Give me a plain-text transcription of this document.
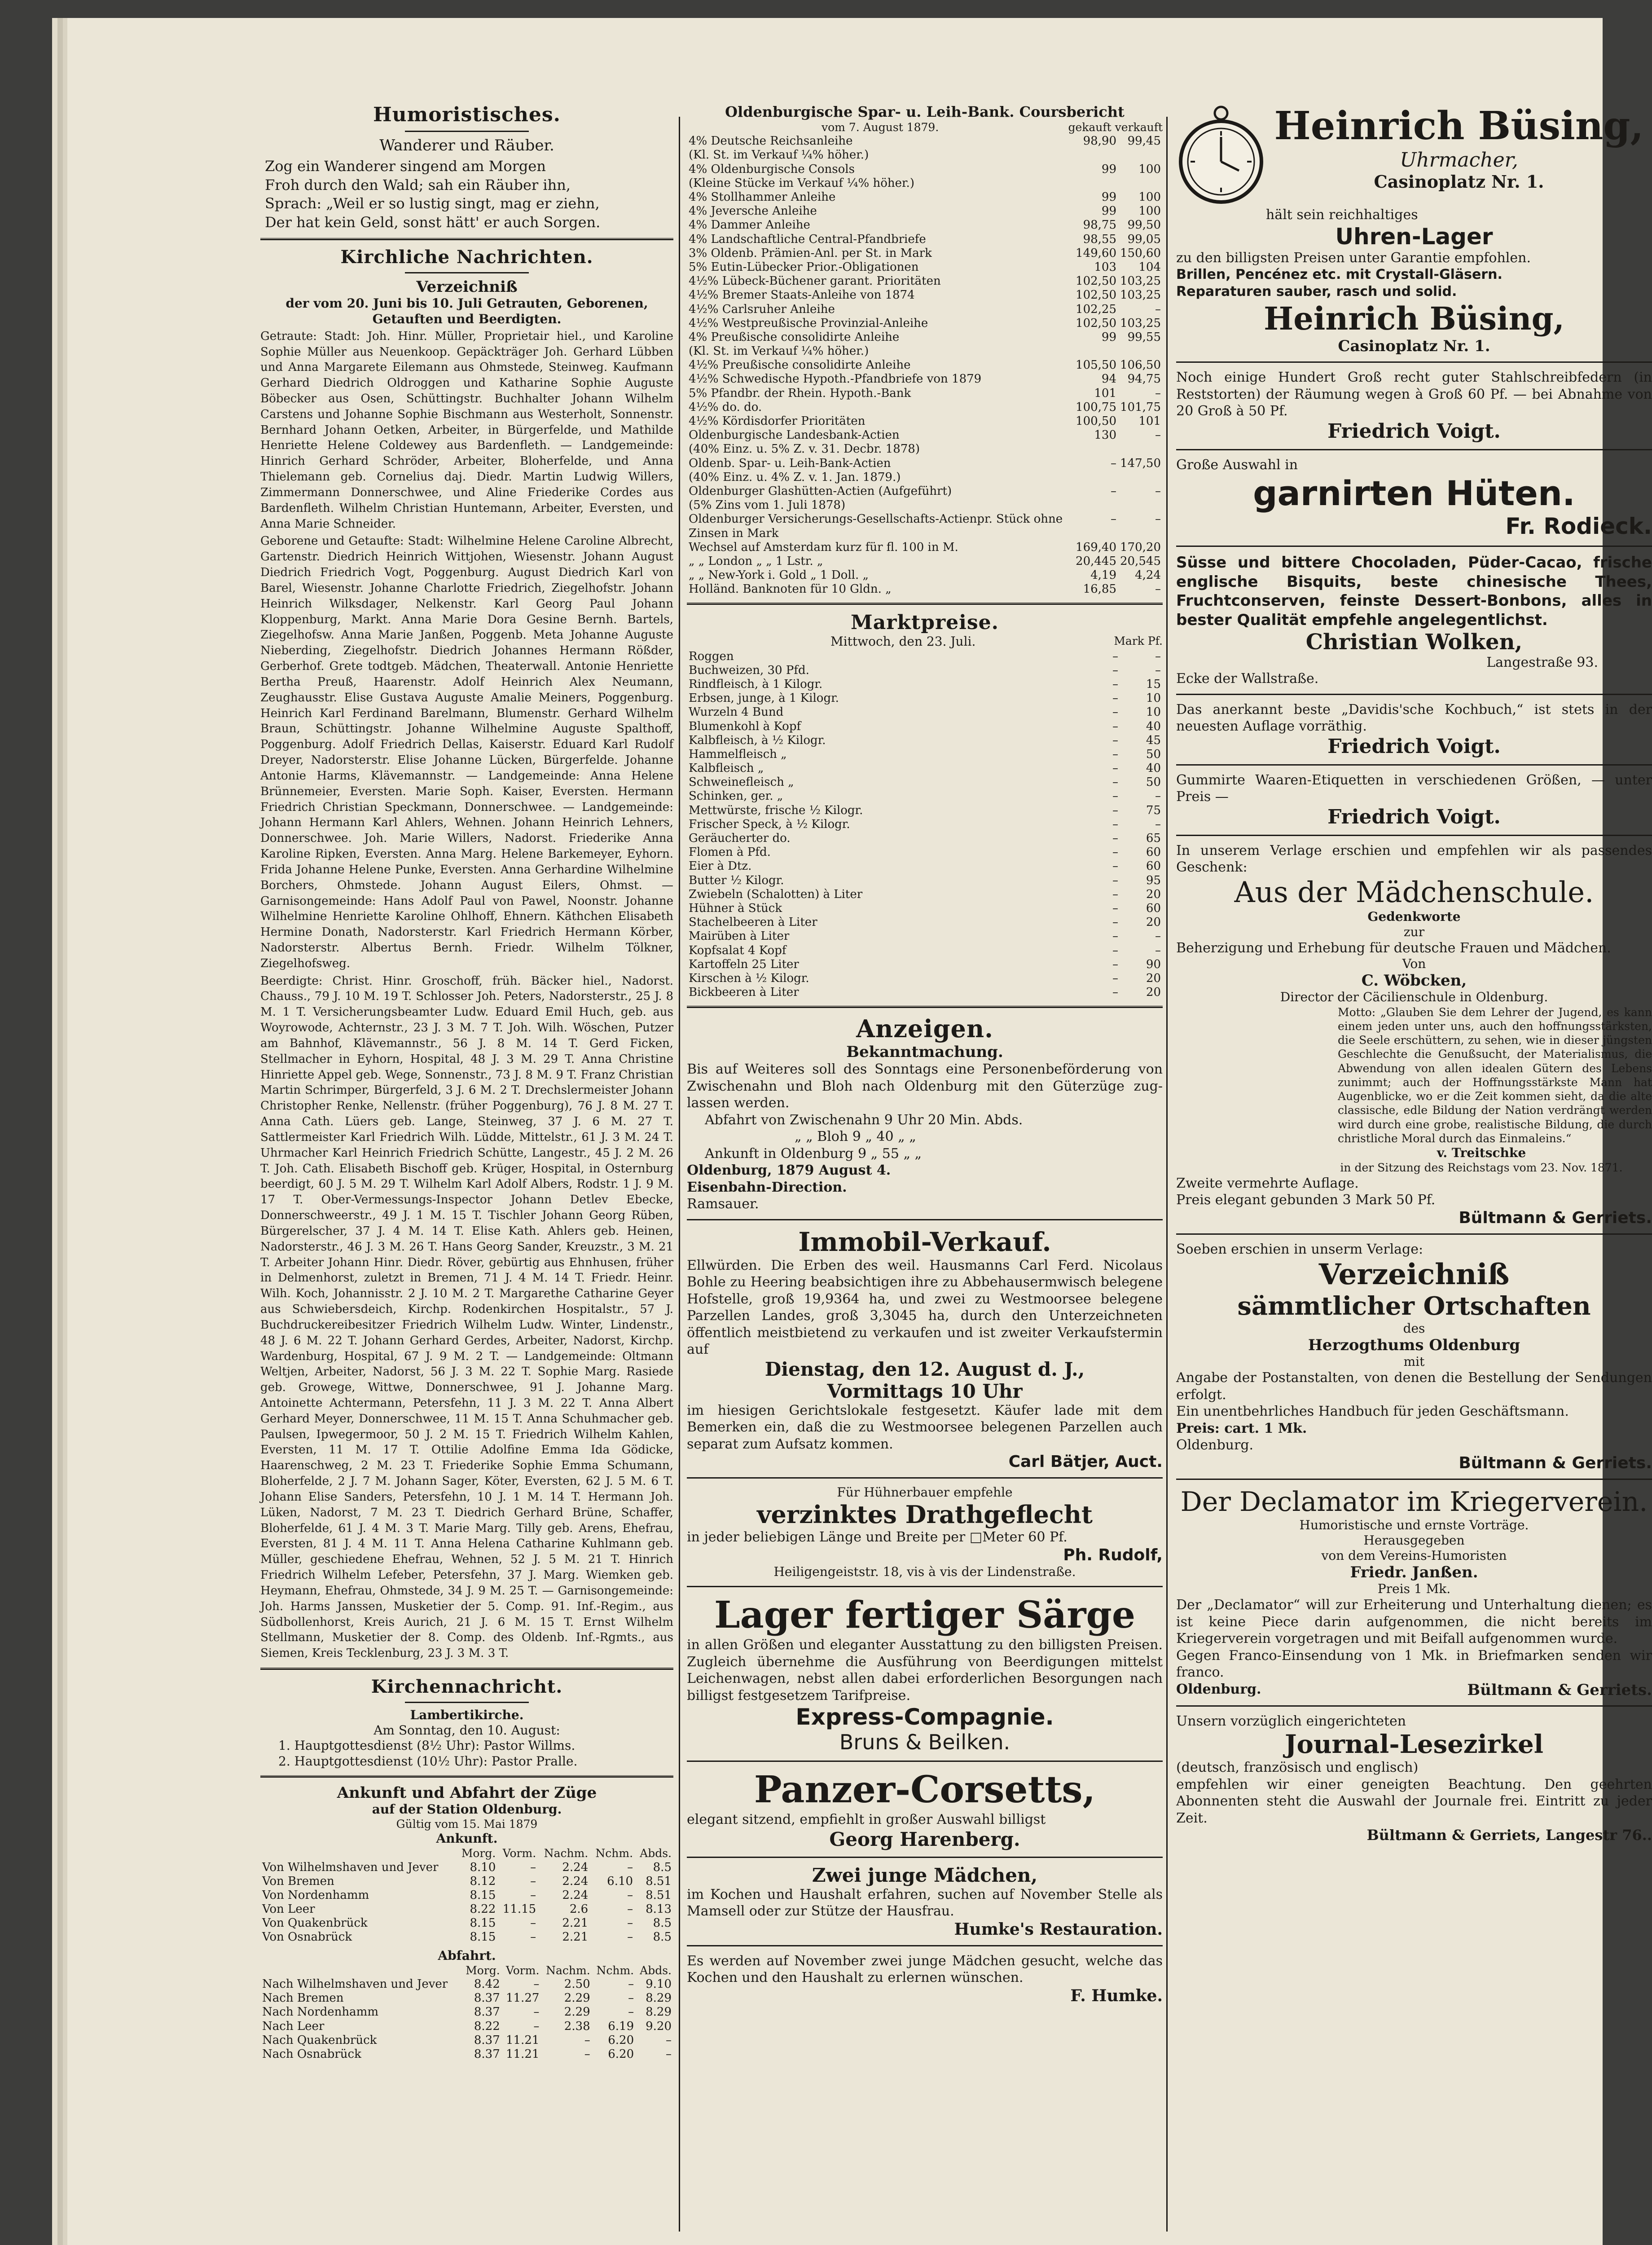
Humoristisches.
Wanderer und Räuber.
Zog ein Wanderer singend am Morgen
Froh durch den Wald; sah ein Räuber ihn,
Sprach: „Weil er so lustig singt, mag er ziehn,
Der hat kein Geld, sonst hätt' er auch Sorgen.
Kirchliche Nachrichten.
Verzeichniß
der vom 20. Juni bis 10. Juli Getrauten, Geborenen, Getauften und Beerdigten.
Getraute: Stadt: Joh. Hinr. Müller, Proprietair hiel., und Karoline Sophie Müller aus Neuenkoop. Gepäckträger Joh. Gerhard Lübben und Anna Margarete Eilemann aus Ohmstede, Steinweg. Kaufmann Gerhard Diedrich Oldroggen und Katharine Sophie Auguste Böbecker aus Osen, Schüttingstr. Buchhalter Johann Wilhelm Carstens und Johanne Sophie Bischmann aus Westerholt, Sonnenstr. Bernhard Johann Oetken, Arbeiter, in Bürgerfelde, und Mathilde Henriette Helene Coldewey aus Bardenfleth. — Landgemeinde: Hinrich Gerhard Schröder, Arbeiter, Bloherfelde, und Anna Thielemann geb. Cornelius daj. Diedr. Martin Ludwig Willers, Zimmermann Donnerschwee, und Aline Friederike Cordes aus Bardenfleth. Wilhelm Christian Huntemann, Arbeiter, Eversten, und Anna Marie Schneider.
Geborene und Getaufte: Stadt: Wilhelmine Helene Caroline Albrecht, Gartenstr. Diedrich Heinrich Wittjohen, Wiesenstr. Johann August Diedrich Friedrich Vogt, Poggenburg. August Diedrich Karl von Barel, Wiesenstr. Johanne Charlotte Friedrich, Ziegelhofstr. Johann Heinrich Wilksdager, Nelkenstr. Karl Georg Paul Johann Kloppenburg, Markt. Anna Marie Dora Gesine Bernh. Bartels, Ziegelhofsw. Anna Marie Janßen, Poggenb. Meta Johanne Auguste Nieberding, Ziegelhofstr. Diedrich Johannes Hermann Rößder, Gerberhof. Grete todtgeb. Mädchen, Theaterwall. Antonie Henriette Bertha Preuß, Haarenstr. Adolf Heinrich Alex Neumann, Zeughausstr. Elise Gustava Auguste Amalie Meiners, Poggenburg. Heinrich Karl Ferdinand Barelmann, Blumenstr. Gerhard Wilhelm Braun, Schüttingstr. Johanne Wilhelmine Auguste Spalthoff, Poggenburg. Adolf Friedrich Dellas, Kaiserstr. Eduard Karl Rudolf Dreyer, Nadorsterstr. Elise Johanne Lücken, Bürgerfelde. Johanne Antonie Harms, Klävemannstr. — Landgemeinde: Anna Helene Brünnemeier, Eversten. Marie Soph. Kaiser, Eversten. Hermann Friedrich Christian Speckmann, Donnerschwee. — Landgemeinde: Johann Hermann Karl Ahlers, Wehnen. Johann Heinrich Lehners, Donnerschwee. Joh. Marie Willers, Nadorst. Friederike Anna Karoline Ripken, Eversten. Anna Marg. Helene Barkemeyer, Eyhorn. Frida Johanne Helene Punke, Eversten. Anna Gerhardine Wilhelmine Borchers, Ohmstede. Johann August Eilers, Ohmst. — Garnisongemeinde: Hans Adolf Paul von Pawel, Noonstr. Johanne Wilhelmine Henriette Karoline Ohlhoff, Ehnern. Käthchen Elisabeth Hermine Donath, Nadorsterstr. Karl Friedrich Hermann Körber, Nadorsterstr. Albertus Bernh. Friedr. Wilhelm Tölkner, Ziegelhofsweg.
Beerdigte: Christ. Hinr. Groschoff, früh. Bäcker hiel., Nadorst. Chauss., 79 J. 10 M. 19 T. Schlosser Joh. Peters, Nadorsterstr., 25 J. 8 M. 1 T. Versicherungsbeamter Ludw. Eduard Emil Huch, geb. aus Woyrowode, Achternstr., 23 J. 3 M. 7 T. Joh. Wilh. Wöschen, Putzer am Bahnhof, Klävemannstr., 56 J. 8 M. 14 T. Gerd Ficken, Stellmacher in Eyhorn, Hospital, 48 J. 3 M. 29 T. Anna Christine Hinriette Appel geb. Wege, Sonnenstr., 73 J. 8 M. 9 T. Franz Christian Martin Schrimper, Bürgerfeld, 3 J. 6 M. 2 T. Drechslermeister Johann Christopher Renke, Nellenstr. (früher Poggenburg), 76 J. 8 M. 27 T. Anna Cath. Lüers geb. Lange, Steinweg, 37 J. 6 M. 27 T. Sattlermeister Karl Friedrich Wilh. Lüdde, Mittelstr., 61 J. 3 M. 24 T. Uhrmacher Karl Heinrich Friedrich Schütte, Langestr., 45 J. 2 M. 26 T. Joh. Cath. Elisabeth Bischoff geb. Krüger, Hospital, in Osternburg beerdigt, 60 J. 5 M. 29 T. Wilhelm Karl Adolf Albers, Rodstr. 1 J. 9 M. 17 T. Ober-Vermessungs-Inspector Johann Detlev Ebecke, Donnerschweerstr., 49 J. 1 M. 15 T. Tischler Johann Georg Rüben, Bürgerelscher, 37 J. 4 M. 14 T. Elise Kath. Ahlers geb. Heinen, Nadorsterstr., 46 J. 3 M. 26 T. Hans Georg Sander, Kreuzstr., 3 M. 21 T. Arbeiter Johann Hinr. Diedr. Röver, gebürtig aus Ehnhusen, früher in Delmenhorst, zuletzt in Bremen, 71 J. 4 M. 14 T. Friedr. Heinr. Wilh. Koch, Johannisstr. 2 J. 10 M. 2 T. Margarethe Catharine Geyer aus Schwiebersdeich, Kirchp. Rodenkirchen Hospitalstr., 57 J. Buchdruckereibesitzer Friedrich Wilhelm Ludw. Winter, Lindenstr., 48 J. 6 M. 22 T. Johann Gerhard Gerdes, Arbeiter, Nadorst, Kirchp. Wardenburg, Hospital, 67 J. 9 M. 2 T. — Landgemeinde: Oltmann Weltjen, Arbeiter, Nadorst, 56 J. 3 M. 22 T. Sophie Marg. Rasiede geb. Growege, Wittwe, Donnerschwee, 91 J. Johanne Marg. Antoinette Achtermann, Petersfehn, 11 J. 3 M. 22 T. Anna Albert Gerhard Meyer, Donnerschwee, 11 M. 15 T. Anna Schuhmacher geb. Paulsen, Ipwegermoor, 50 J. 2 M. 15 T. Friedrich Wilhelm Kahlen, Eversten, 11 M. 17 T. Ottilie Adolfine Emma Ida Gödicke, Haarenschweg, 2 M. 23 T. Friederike Sophie Emma Schumann, Bloherfelde, 2 J. 7 M. Johann Sager, Köter, Eversten, 62 J. 5 M. 6 T. Johann Elise Sanders, Petersfehn, 10 J. 1 M. 14 T. Hermann Joh. Lüken, Nadorst, 7 M. 23 T. Diedrich Gerhard Brüne, Schaffer, Bloherfelde, 61 J. 4 M. 3 T. Marie Marg. Tilly geb. Arens, Ehefrau, Eversten, 81 J. 4 M. 11 T. Anna Helena Catharine Kuhlmann geb. Müller, geschiedene Ehefrau, Wehnen, 52 J. 5 M. 21 T. Hinrich Friedrich Wilhelm Lefeber, Petersfehn, 37 J. Marg. Wiemken geb. Heymann, Ehefrau, Ohmstede, 34 J. 9 M. 25 T. — Garnisongemeinde: Joh. Harms Janssen, Musketier der 5. Comp. 91. Inf.-Regim., aus Südbollenhorst, Kreis Aurich, 21 J. 6 M. 15 T. Ernst Wilhelm Stellmann, Musketier der 8. Comp. des Oldenb. Inf.-Rgmts., aus Siemen, Kreis Tecklenburg, 23 J. 3 M. 3 T.
Kirchennachricht.
Lambertikirche.
Am Sonntag, den 10. August:
1. Hauptgottesdienst (8½ Uhr): Pastor Willms.
2. Hauptgottesdienst (10½ Uhr): Pastor Pralle.
Ankunft und Abfahrt der Züge
auf der Station Oldenburg.
Gültig vom 15. Mai 1879
Ankunft.
	Morg.	Vorm.	Nachm.	Nchm.	Abds.
Von Wilhelmshaven und Jever	8.10	–	2.24	–	8.5
Von Bremen	8.12	–	2.24	6.10	8.51
Von Nordenhamm	8.15	–	2.24	–	8.51
Von Leer	8.22	11.15	2.6	–	8.13
Von Quakenbrück	8.15	–	2.21	–	8.5
Von Osnabrück	8.15	–	2.21	–	8.5
Abfahrt.
	Morg.	Vorm.	Nachm.	Nchm.	Abds.
Nach Wilhelmshaven und Jever	8.42	–	2.50	–	9.10
Nach Bremen	8.37	11.27	2.29	–	8.29
Nach Nordenhamm	8.37	–	2.29	–	8.29
Nach Leer	8.22	–	2.38	6.19	9.20
Nach Quakenbrück	8.37	11.21	–	6.20	–
Nach Osnabrück	8.37	11.21	–	6.20	–
Oldenburgische Spar- u. Leih-Bank. Coursbericht
vom 7. August 1879.	gekauft verkauft
4% Deutsche Reichsanleihe	98,90	99,45
(Kl. St. im Verkauf ¼% höher.)		
4% Oldenburgische Consols	99	100
(Kleine Stücke im Verkauf ¼% höher.)		
4% Stollhammer Anleihe	99	100
4% Jeversche Anleihe	99	100
4% Dammer Anleihe	98,75	99,50
4% Landschaftliche Central-Pfandbriefe	98,55	99,05
3% Oldenb. Prämien-Anl. per St. in Mark	149,60	150,60
5% Eutin-Lübecker Prior.-Obligationen	103	104
4½% Lübeck-Büchener garant. Prioritäten	102,50	103,25
4½% Bremer Staats-Anleihe von 1874	102,50	103,25
4½% Carlsruher Anleihe	102,25	–
4½% Westpreußische Provinzial-Anleihe	102,50	103,25
4% Preußische consolidirte Anleihe	99	99,55
(Kl. St. im Verkauf ¼% höher.)		
4½% Preußische consolidirte Anleihe	105,50	106,50
4½% Schwedische Hypoth.-Pfandbriefe von 1879	94	94,75
5% Pfandbr. der Rhein. Hypoth.-Bank	101	–
4½% do. do.	100,75	101,75
4½% Kördisdorfer Prioritäten	100,50	101
Oldenburgische Landesbank-Actien	130	–
(40% Einz. u. 5% Z. v. 31. Decbr. 1878)		
Oldenb. Spar- u. Leih-Bank-Actien	–	147,50
(40% Einz. u. 4% Z. v. 1. Jan. 1879.)		
Oldenburger Glashütten-Actien (Aufgeführt)	–	–
(5% Zins vom 1. Juli 1878)		
Oldenburger Versicherungs-Gesellschafts-Actienpr. Stück ohne Zinsen in Mark	–	–
Wechsel auf Amsterdam kurz für fl. 100 in M.	169,40	170,20
„ „ London „ „ 1 Lstr. „	20,445	20,545
„ „ New-York i. Gold „ 1 Doll. „	4,19	4,24
Holländ. Banknoten für 10 Gldn. „	16,85	–
Marktpreise.
Mittwoch, den 23. Juli.	Mark Pf.
Roggen	–	–
Buchweizen, 30 Pfd.	–	–
Rindfleisch, à 1 Kilogr.	–	15
Erbsen, junge, à 1 Kilogr.	–	10
Wurzeln 4 Bund	–	10
Blumenkohl à Kopf	–	40
Kalbfleisch, à ½ Kilogr.	–	45
Hammelfleisch „	–	50
Kalbfleisch „	–	40
Schweinefleisch „	–	50
Schinken, ger. „	–	–
Mettwürste, frische ½ Kilogr.	–	75
Frischer Speck, à ½ Kilogr.	–	–
Geräucherter do.	–	65
Flomen à Pfd.	–	60
Eier à Dtz.	–	60
Butter ½ Kilogr.	–	95
Zwiebeln (Schalotten) à Liter	–	20
Hühner à Stück	–	60
Stachelbeeren à Liter	–	20
Mairüben à Liter	–	–
Kopfsalat 4 Kopf	–	–
Kartoffeln 25 Liter	–	90
Kirschen à ½ Kilogr.	–	20
Bickbeeren à Liter	–	20
Anzeigen.
Bekanntmachung.
Bis auf Weiteres soll des Sonntags eine Personenbeförderung von Zwischenahn und Bloh nach Oldenburg mit den Güterzüge zug-lassen werden.
Abfahrt von Zwischenahn 9 Uhr 20 Min. Abds.
„ „ Bloh 9 „ 40 „ „
Ankunft in Oldenburg 9 „ 55 „ „
Oldenburg, 1879 August 4.
Eisenbahn-Direction.
Ramsauer.
Immobil-Verkauf.
Ellwürden. Die Erben des weil. Hausmanns Carl Ferd. Nicolaus Bohle zu Heering beabsichtigen ihre zu Abbehausermwisch belegene Hofstelle, groß 19,9364 ha, und zwei zu Westmoorsee belegene Parzellen Landes, groß 3,3045 ha, durch den Unterzeichneten öffentlich meistbietend zu verkaufen und ist zweiter Verkaufstermin auf
Dienstag, den 12. August d. J.,
Vormittags 10 Uhr
im hiesigen Gerichtslokale festgesetzt. Käufer lade mit dem Bemerken ein, daß die zu Westmoorsee belegenen Parzellen auch separat zum Aufsatz kommen.
Carl Bätjer, Auct.
Für Hühnerbauer empfehle
verzinktes Drathgeflecht
in jeder beliebigen Länge und Breite per □Meter 60 Pf.
Ph. Rudolf,
Heiligengeiststr. 18, vis à vis der Lindenstraße.
Lager fertiger Särge
in allen Größen und eleganter Ausstattung zu den billigsten Preisen. Zugleich übernehme die Ausführung von Beerdigungen mittelst Leichenwagen, nebst allen dabei erforderlichen Besorgungen nach billigst festgesetzem Tarifpreise.
Express-Compagnie.
Bruns & Beilken.
Panzer-Corsetts,
elegant sitzend, empfiehlt in großer Auswahl billigst
Georg Harenberg.
Zwei junge Mädchen,
im Kochen und Haushalt erfahren, suchen auf November Stelle als Mamsell oder zur Stütze der Hausfrau.
Humke's Restauration.
Es werden auf November zwei junge Mädchen gesucht, welche das Kochen und den Haushalt zu erlernen wünschen.
F. Humke.
Heinrich Büsing,
Uhrmacher,
Casinoplatz Nr. 1.
hält sein reichhaltiges
Uhren-Lager
zu den billigsten Preisen unter Garantie empfohlen.
Brillen, Pencénez etc. mit Crystall-Gläsern.
Reparaturen sauber, rasch und solid.
Heinrich Büsing,
Casinoplatz Nr. 1.
Noch einige Hundert Groß recht guter Stahlschreibfedern (in Reststorten) der Räumung wegen à Groß 60 Pf. — bei Abnahme von 20 Groß à 50 Pf.
Friedrich Voigt.
Große Auswahl in
garnirten Hüten.
Fr. Rodieck.
Süsse und bittere Chocoladen, Püder-Cacao, frische englische Bisquits, beste chinesische Thees, Fruchtconserven, feinste Dessert-Bonbons, alles in bester Qualität empfehle angelegentlichst.
Christian Wolken,
Langestraße 93.
Ecke der Wallstraße.
Das anerkannt beste „Davidis'sche Kochbuch,“ ist stets in der neuesten Auflage vorräthig.
Friedrich Voigt.
Gummirte Waaren-Etiquetten in verschiedenen Größen, — unter Preis —
Friedrich Voigt.
In unserem Verlage erschien und empfehlen wir als passendes Geschenk:
Aus der Mädchenschule.
Gedenkworte
zur
Beherzigung und Erhebung für deutsche Frauen und Mädchen.
Von
C. Wöbcken,
Director der Cäcilienschule in Oldenburg.
Motto: „Glauben Sie dem Lehrer der Jugend, es kann einem jeden unter uns, auch den hoffnungsstärksten, die Seele erschüttern, zu sehen, wie in dieser jüngsten Geschlechte die Genußsucht, der Materialismus, die Abwendung von allen idealen Gütern des Lebens zunimmt; auch der Hoffnungsstärkste Mann hat Augenblicke, wo er die Zeit kommen sieht, da die alte classische, edle Bildung der Nation verdrängt werden wird durch eine grobe, realistische Bildung, die durch christliche Moral durch das Einmaleins.“
v. Treitschke
in der Sitzung des Reichstags vom 23. Nov. 1871.
Zweite vermehrte Auflage.
Preis elegant gebunden 3 Mark 50 Pf.
Bültmann & Gerriets.
Soeben erschien in unserm Verlage:
Verzeichniß
sämmtlicher Ortschaften
des
Herzogthums Oldenburg
mit
Angabe der Postanstalten, von denen die Bestellung der Sendungen erfolgt.
Ein unentbehrliches Handbuch für jeden Geschäftsmann.
Preis: cart. 1 Mk.
Oldenburg.
Bültmann & Gerriets.
Der Declamator im Kriegerverein.
Humoristische und ernste Vorträge.
Herausgegeben
von dem Vereins-Humoristen
Friedr. Janßen.
Preis 1 Mk.
Der „Declamator“ will zur Erheiterung und Unterhaltung dienen; es ist keine Piece darin aufgenommen, die nicht bereits im Kriegerverein vorgetragen und mit Beifall aufgenommen wurde.
Gegen Franco-Einsendung von 1 Mk. in Briefmarken senden wir franco.
Oldenburg.	Bültmann & Gerriets.
Unsern vorzüglich eingerichteten
Journal-Lesezirkel
(deutsch, französisch und englisch)
empfehlen wir einer geneigten Beachtung. Den geehrten Abonnenten steht die Auswahl der Journale frei. Eintritt zu jeder Zeit.
Bültmann & Gerriets, Langestr 76..
